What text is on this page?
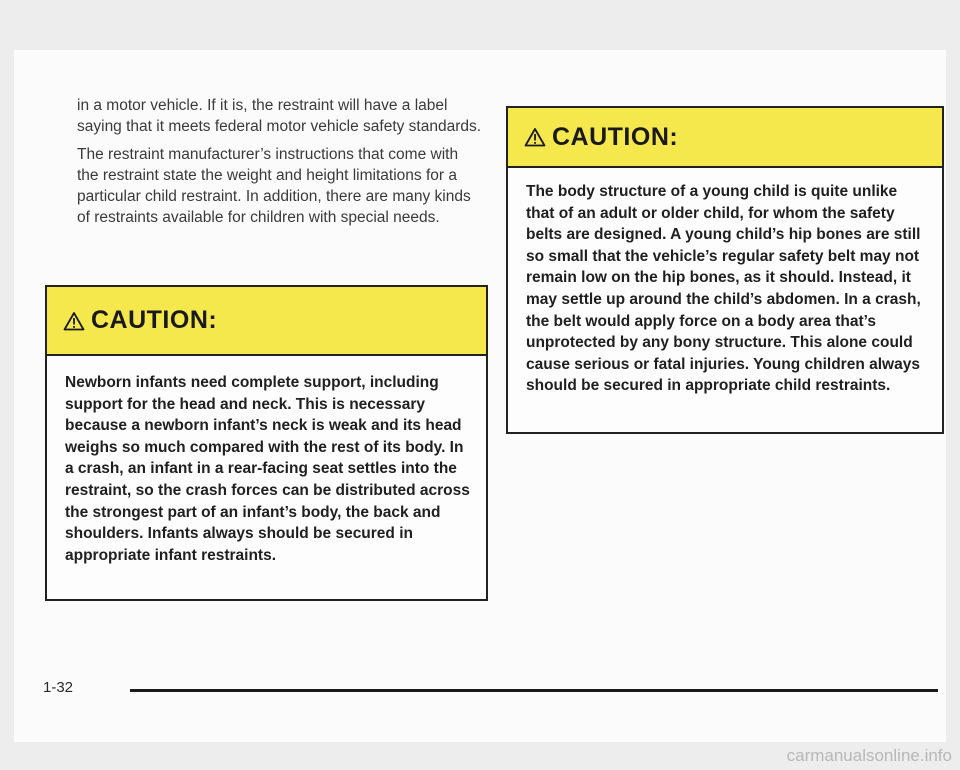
in a motor vehicle. If it is, the restraint will have a label saying that it meets federal motor vehicle safety standards.

The restraint manufacturer’s instructions that come with the restraint state the weight and height limitations for a particular child restraint. In addition, there are many kinds of restraints available for children with special needs.

CAUTION:
Newborn infants need complete support, including support for the head and neck. This is necessary because a newborn infant’s neck is weak and its head weighs so much compared with the rest of its body. In a crash, an infant in a rear-facing seat settles into the restraint, so the crash forces can be distributed across the strongest part of an infant’s body, the back and shoulders. Infants always should be secured in appropriate infant restraints.
CAUTION:
The body structure of a young child is quite unlike that of an adult or older child, for whom the safety belts are designed. A young child’s hip bones are still so small that the vehicle’s regular safety belt may not remain low on the hip bones, as it should. Instead, it may settle up around the child’s abdomen. In a crash, the belt would apply force on a body area that’s unprotected by any bony structure. This alone could cause serious or fatal injuries. Young children always should be secured in appropriate child restraints.
1-32
carmanualsonline.info
